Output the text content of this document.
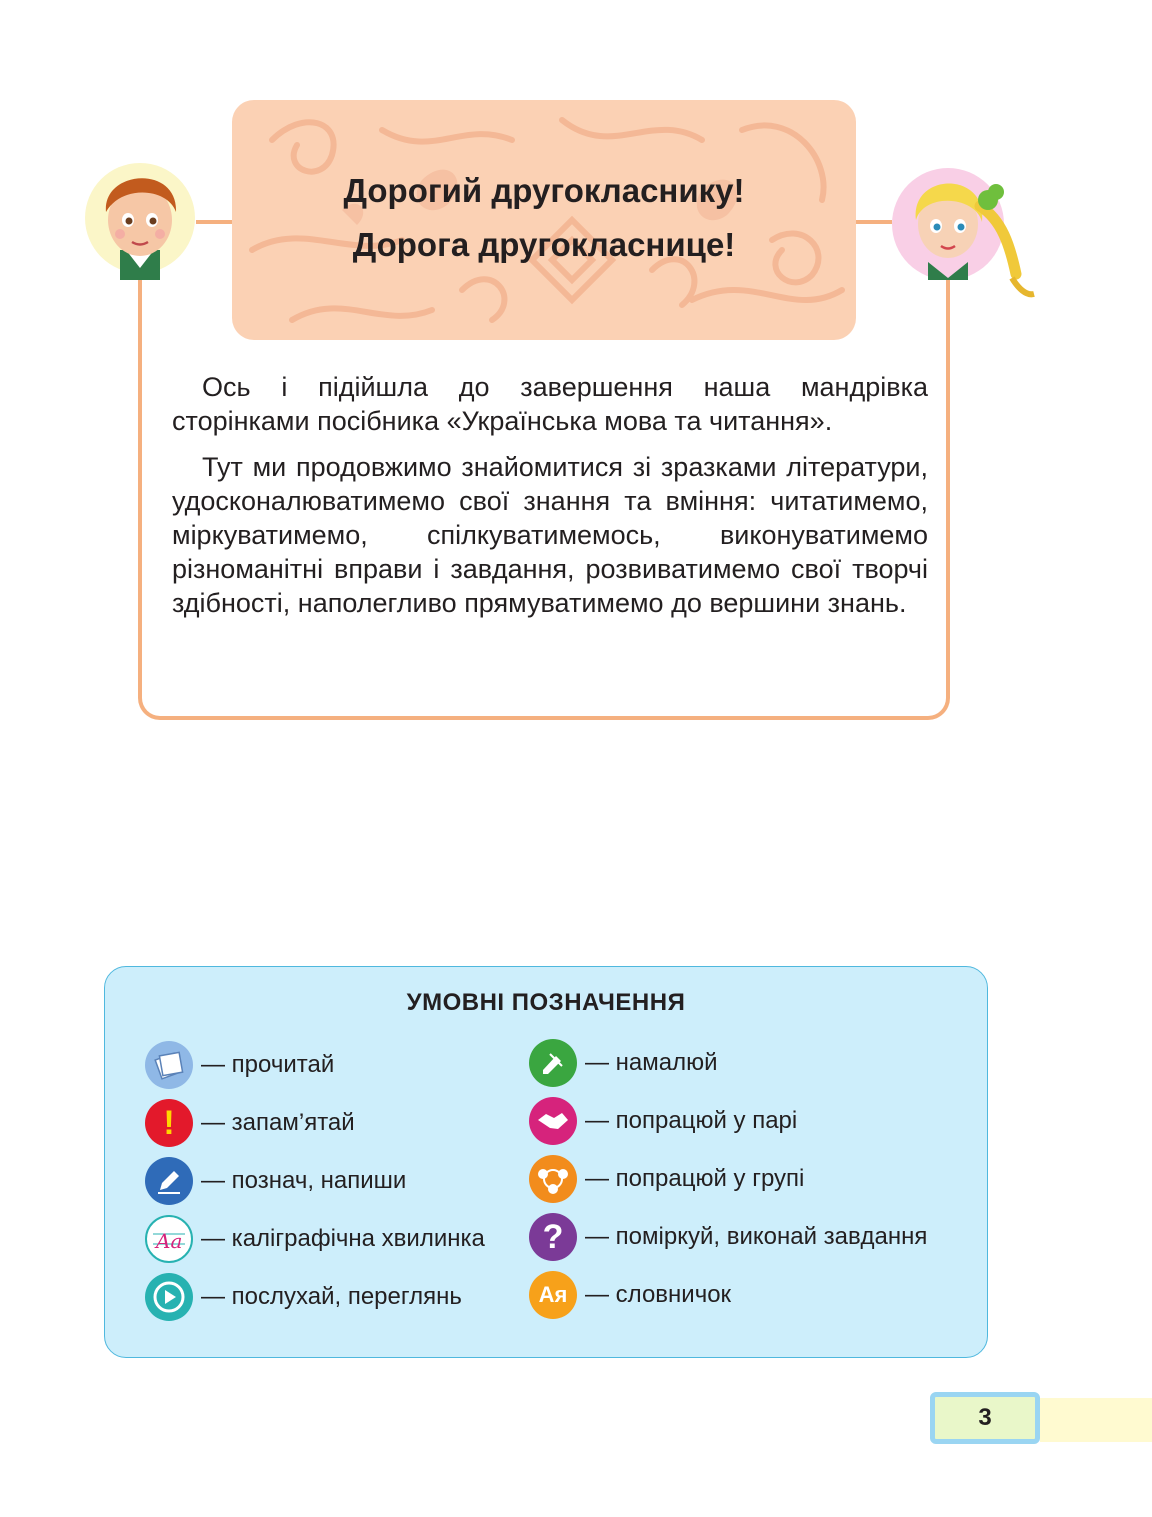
Дорогий другокласнику!
Дорога другокласнице!

Ось і підійшла до завершення наша мандрівка сторінками посібника «Українська мова та читання».

Тут ми продовжимо знайомитися зі зразками літератури, удосконалюватимемо свої знання та вміння: читатимемо, міркуватимемо, спілкуватимемось, виконуватимемо різноманітні вправи і завдання, розвиватимемо свої творчі здібності, наполегливо прямуватимемо до вершини знань.

УМОВНІ ПОЗНАЧЕННЯ
— прочитай
! — запам’ятай
— познач, напиши
Aa — каліграфічна хвилинка
— послухай, переглянь
— намалюй
— попрацюй у парі
— попрацюй у групі
? — поміркуй, виконай завдання
Ая — словничок
3
